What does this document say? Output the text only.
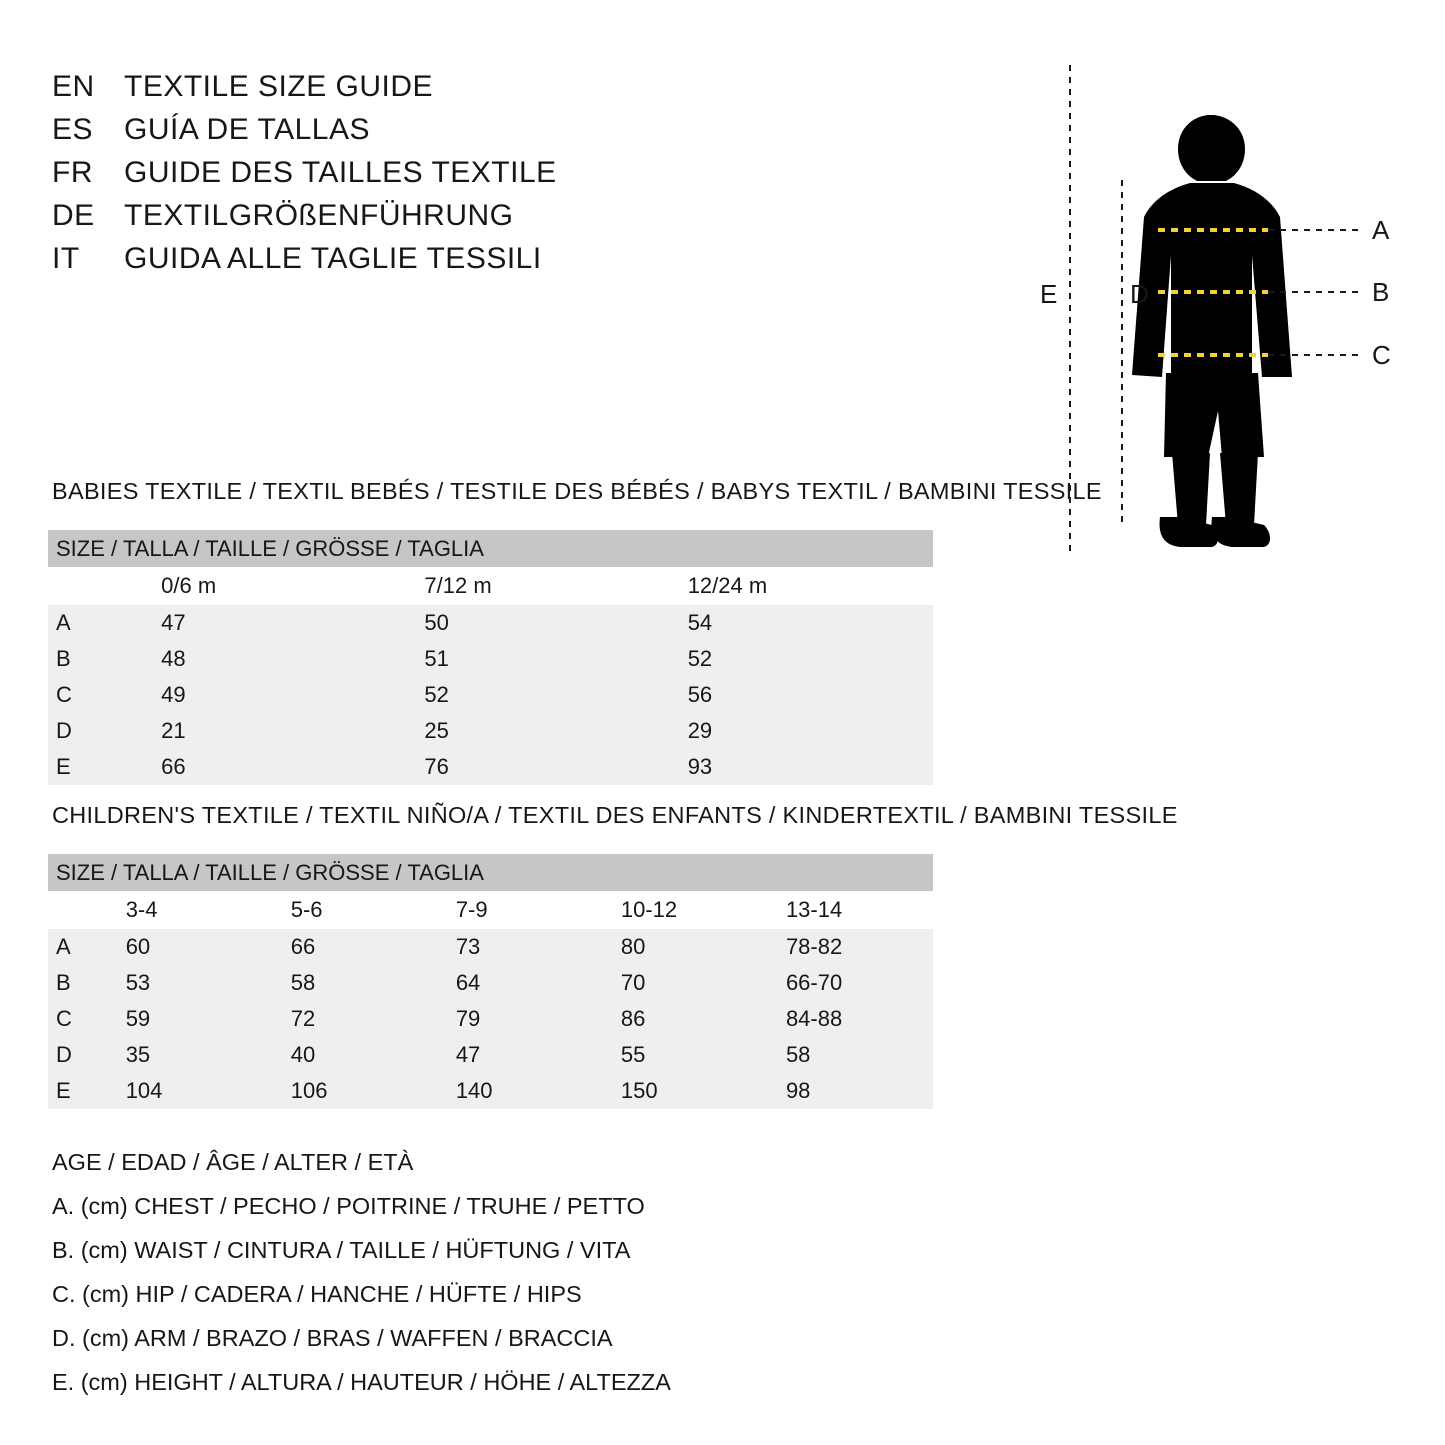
EN TEXTILE SIZE GUIDE
ES	GUÍA DE TALLAS
FR	GUIDE DES TAILLES TEXTILE
DE TEXTILGRÖßENFÜHRUNG
IT	GUIDA ALLE TAGLIE TESSILI
A
B
C
D
E
BABIES TEXTILE / TEXTIL BEBÉS / TESTILE DES BÉBÉS / BABYS TEXTIL / BAMBINI TESSILE
SIZE / TALLA / TAILLE / GRÖSSE / TAGLIA			

	0/6 m	7/12 m	12/24 m

A	47	50	54

B	48	51	52

C	49	52	56

D	21	25	29

E	66	76	93
CHILDREN'S TEXTILE / TEXTIL NIÑO/A / TEXTIL DES ENFANTS / KINDERTEXTIL / BAMBINI TESSILE
SIZE / TALLA / TAILLE / GRÖSSE / TAGLIA					

	3-4	5-6	7-9	10-12	13-14

A	60	66	73	80	78-82

B	53	58	64	70	66-70

C	59	72	79	86	84-88

D	35	40	47	55	58

E	104	106	140	150	98
AGE / EDAD / ÂGE / ALTER / ETÀ
A. (cm) CHEST / PECHO / POITRINE / TRUHE / PETTO
B. (cm) WAIST / CINTURA / TAILLE / HÜFTUNG / VITA
C. (cm) HIP / CADERA / HANCHE / HÜFTE / HIPS
D. (cm) ARM / BRAZO / BRAS / WAFFEN / BRACCIA
E. (cm) HEIGHT / ALTURA / HAUTEUR / HÖHE / ALTEZZA
